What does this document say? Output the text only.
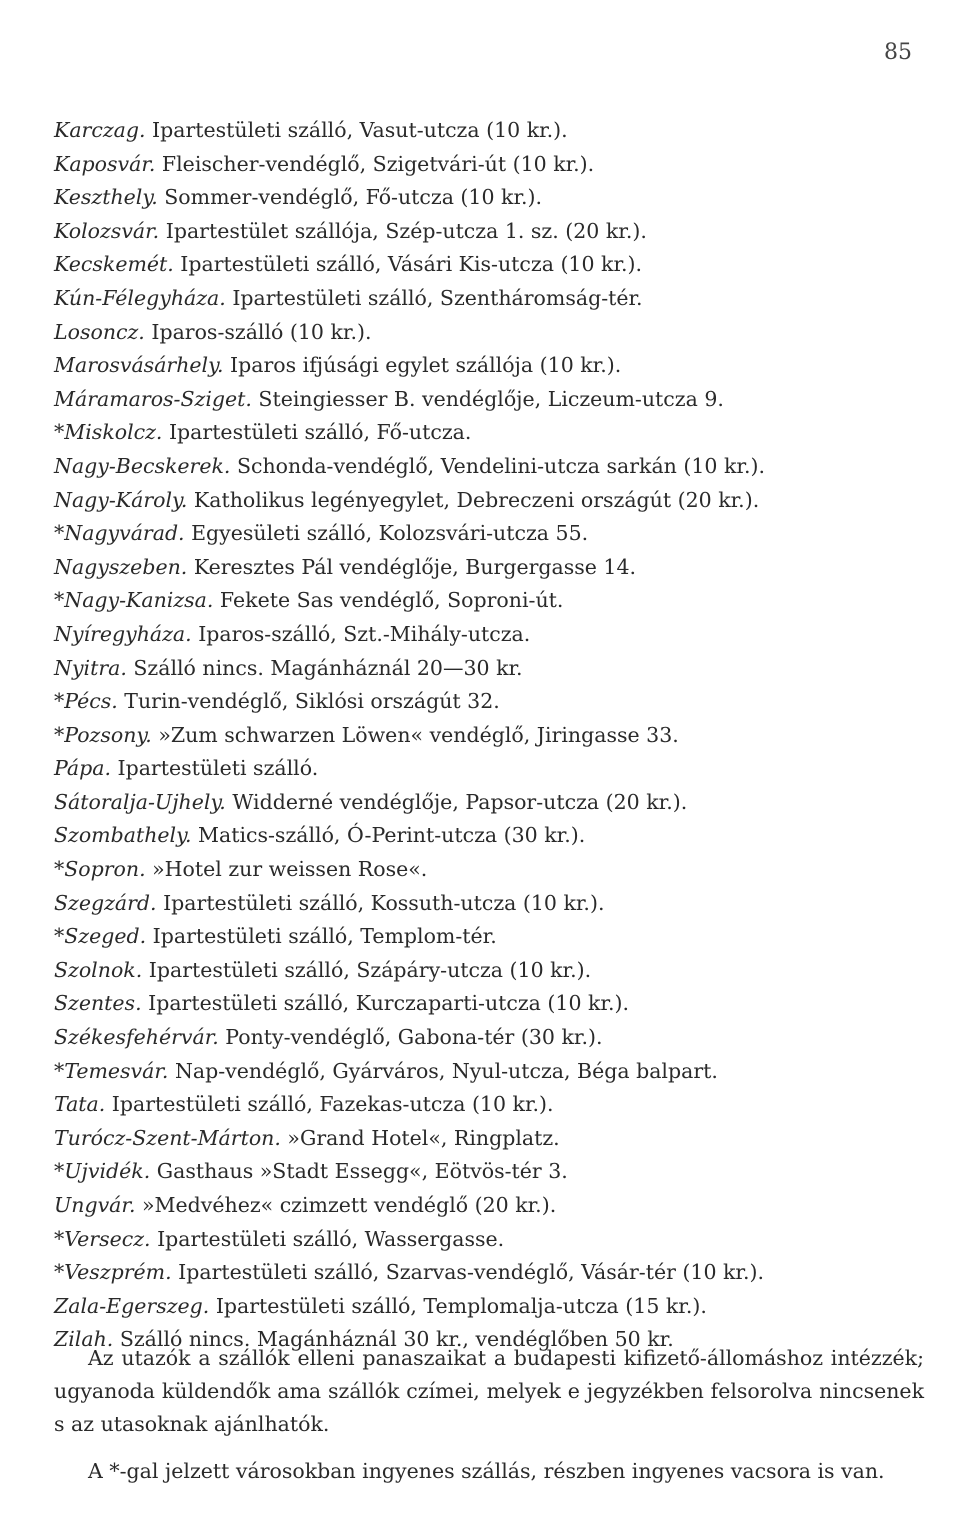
85
Karczag. Ipartestületi szálló, Vasut-utcza (10 kr.).
Kaposvár. Fleischer-vendéglő, Szigetvári-út (10 kr.).
Keszthely. Sommer-vendéglő, Fő-utcza (10 kr.).
Kolozsvár. Ipartestület szállója, Szép-utcza 1. sz. (20 kr.).
Kecskemét. Ipartestületi szálló, Vásári Kis-utcza (10 kr.).
Kún-Félegyháza. Ipartestületi szálló, Szentháromság-tér.
Losoncz. Iparos-szálló (10 kr.).
Marosvásárhely. Iparos ifjúsági egylet szállója (10 kr.).
Máramaros-Sziget. Steingiesser B. vendéglője, Liczeum-utcza 9.
*Miskolcz. Ipartestületi szálló, Fő-utcza.
Nagy-Becskerek. Schonda-vendéglő, Vendelini-utcza sarkán (10 kr.).
Nagy-Károly. Katholikus legényegylet, Debreczeni országút (20 kr.).
*Nagyvárad. Egyesületi szálló, Kolozsvári-utcza 55.
Nagyszeben. Keresztes Pál vendéglője, Burgergasse 14.
*Nagy-Kanizsa. Fekete Sas vendéglő, Soproni-út.
Nyíregyháza. Iparos-szálló, Szt.-Mihály-utcza.
Nyitra. Szálló nincs. Magánháznál 20—30 kr.
*Pécs. Turin-vendéglő, Siklósi országút 32.
*Pozsony. »Zum schwarzen Löwen« vendéglő, Jiringasse 33.
Pápa. Ipartestületi szálló.
Sátoralja-Ujhely. Widderné vendéglője, Papsor-utcza (20 kr.).
Szombathely. Matics-szálló, Ó-Perint-utcza (30 kr.).
*Sopron. »Hotel zur weissen Rose«.
Szegzárd. Ipartestületi szálló, Kossuth-utcza (10 kr.).
*Szeged. Ipartestületi szálló, Templom-tér.
Szolnok. Ipartestületi szálló, Szápáry-utcza (10 kr.).
Szentes. Ipartestületi szálló, Kurczaparti-utcza (10 kr.).
Székesfehérvár. Ponty-vendéglő, Gabona-tér (30 kr.).
*Temesvár. Nap-vendéglő, Gyárváros, Nyul-utcza, Béga balpart.
Tata. Ipartestületi szálló, Fazekas-utcza (10 kr.).
Turócz-Szent-Márton. »Grand Hotel«, Ringplatz.
*Ujvidék. Gasthaus »Stadt Essegg«, Eötvös-tér 3.
Ungvár. »Medvéhez« czimzett vendéglő (20 kr.).
*Versecz. Ipartestületi szálló, Wassergasse.
*Veszprém. Ipartestületi szálló, Szarvas-vendéglő, Vásár-tér (10 kr.).
Zala-Egerszeg. Ipartestületi szálló, Templomalja-utcza (15 kr.).
Zilah. Szálló nincs. Magánháznál 30 kr., vendéglőben 50 kr.

Az utazók a szállók elleni panaszaikat a budapesti kifizető-állomáshoz intézzék; ugyanoda küldendők ama szállók czímei, melyek e jegyzékben felsorolva nincsenek s az utasoknak ajánlhatók.

A *-gal jelzett városokban ingyenes szállás, részben ingyenes vacsora is van.
